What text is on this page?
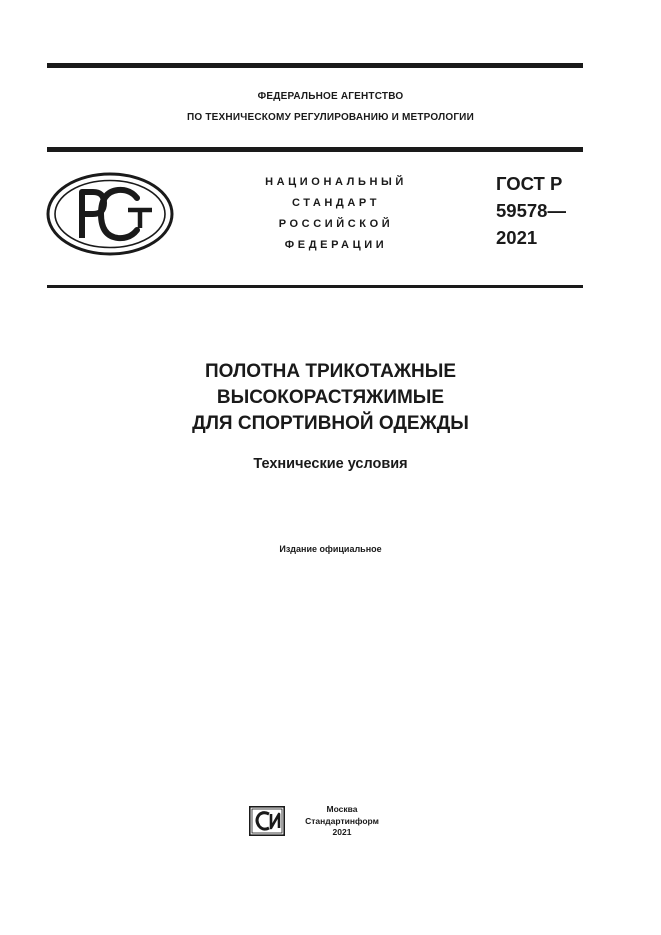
ФЕДЕРАЛЬНОЕ АГЕНТСТВО
ПО ТЕХНИЧЕСКОМУ РЕГУЛИРОВАНИЮ И МЕТРОЛОГИИ
НАЦИОНАЛЬНЫЙ
СТАНДАРТ
РОССИЙСКОЙ
ФЕДЕРАЦИИ
ГОСТ Р
59578—
2021
ПОЛОТНА ТРИКОТАЖНЫЕ
ВЫСОКОРАСТЯЖИМЫЕ
ДЛЯ СПОРТИВНОЙ ОДЕЖДЫ
Технические условия
Издание официальное
Москва
Стандартинформ
2021
